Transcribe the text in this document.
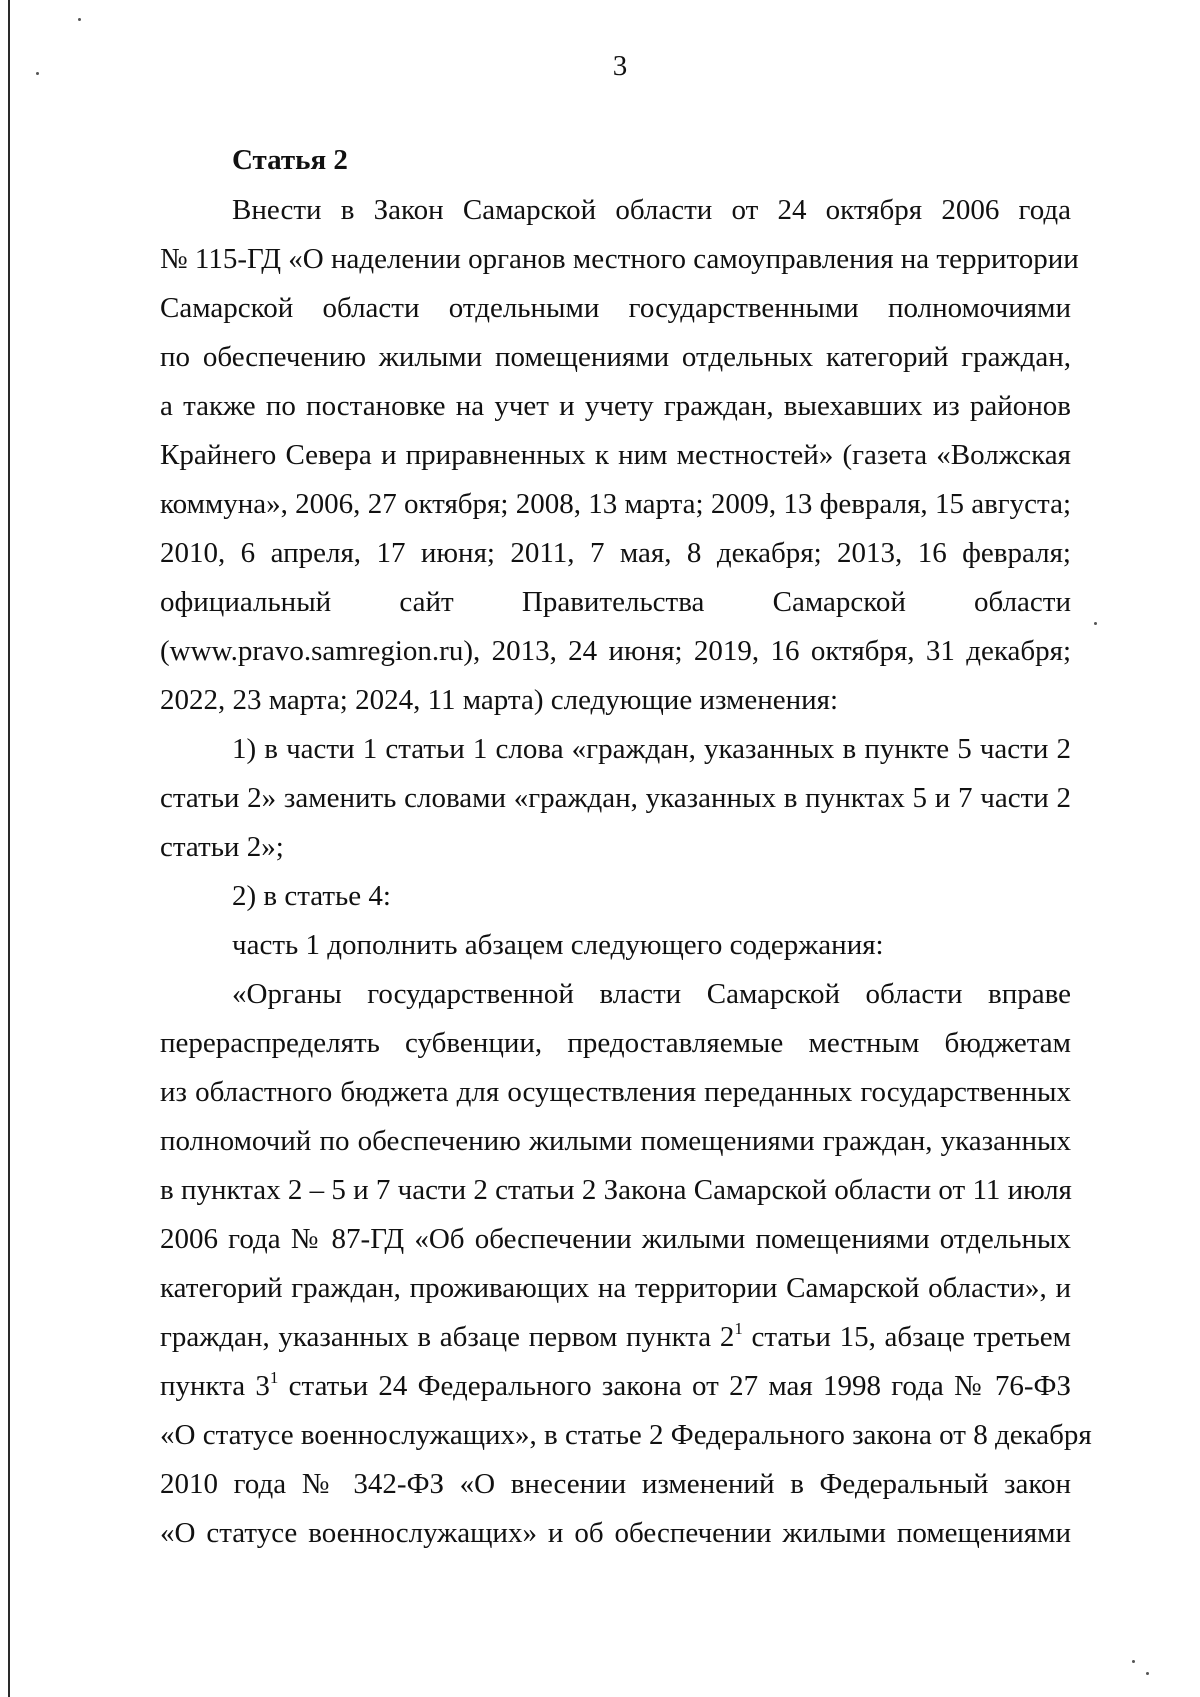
3
Статья 2
Внести в Закон Самарской области от 24 октября 2006 года
№ 115-ГД «О наделении органов местного самоуправления на территории
Самарской области отдельными государственными полномочиями
по обеспечению жилыми помещениями отдельных категорий граждан,
а также по постановке на учет и учету граждан, выехавших из районов
Крайнего Севера и приравненных к ним местностей» (газета «Волжская
коммуна», 2006, 27 октября; 2008, 13 марта; 2009, 13 февраля, 15 августа;
2010, 6 апреля, 17 июня; 2011, 7 мая, 8 декабря; 2013, 16 февраля;
официальный сайт Правительства Самарской области
(www.pravo.samregion.ru), 2013, 24 июня; 2019, 16 октября, 31 декабря;
2022, 23 марта; 2024, 11 марта) следующие изменения:
1) в части 1 статьи 1 слова «граждан, указанных в пункте 5 части 2
статьи 2» заменить словами «граждан, указанных в пунктах 5 и 7 части 2
статьи 2»;
2) в статье 4:
часть 1 дополнить абзацем следующего содержания:
«Органы государственной власти Самарской области вправе
перераспределять субвенции, предоставляемые местным бюджетам
из областного бюджета для осуществления переданных государственных
полномочий по обеспечению жилыми помещениями граждан, указанных
в пунктах 2 – 5 и 7 части 2 статьи 2 Закона Самарской области от 11 июля
2006 года № 87-ГД «Об обеспечении жилыми помещениями отдельных
категорий граждан, проживающих на территории Самарской области», и
граждан, указанных в абзаце первом пункта $2^1$ статьи 15, абзаце третьем
пункта $3^1$ статьи 24 Федерального закона от 27 мая 1998 года № 76-ФЗ
«О статусе военнослужащих», в статье 2 Федерального закона от 8 декабря
2010 года № 342-ФЗ «О внесении изменений в Федеральный закон
«О статусе военнослужащих» и об обеспечении жилыми помещениями
